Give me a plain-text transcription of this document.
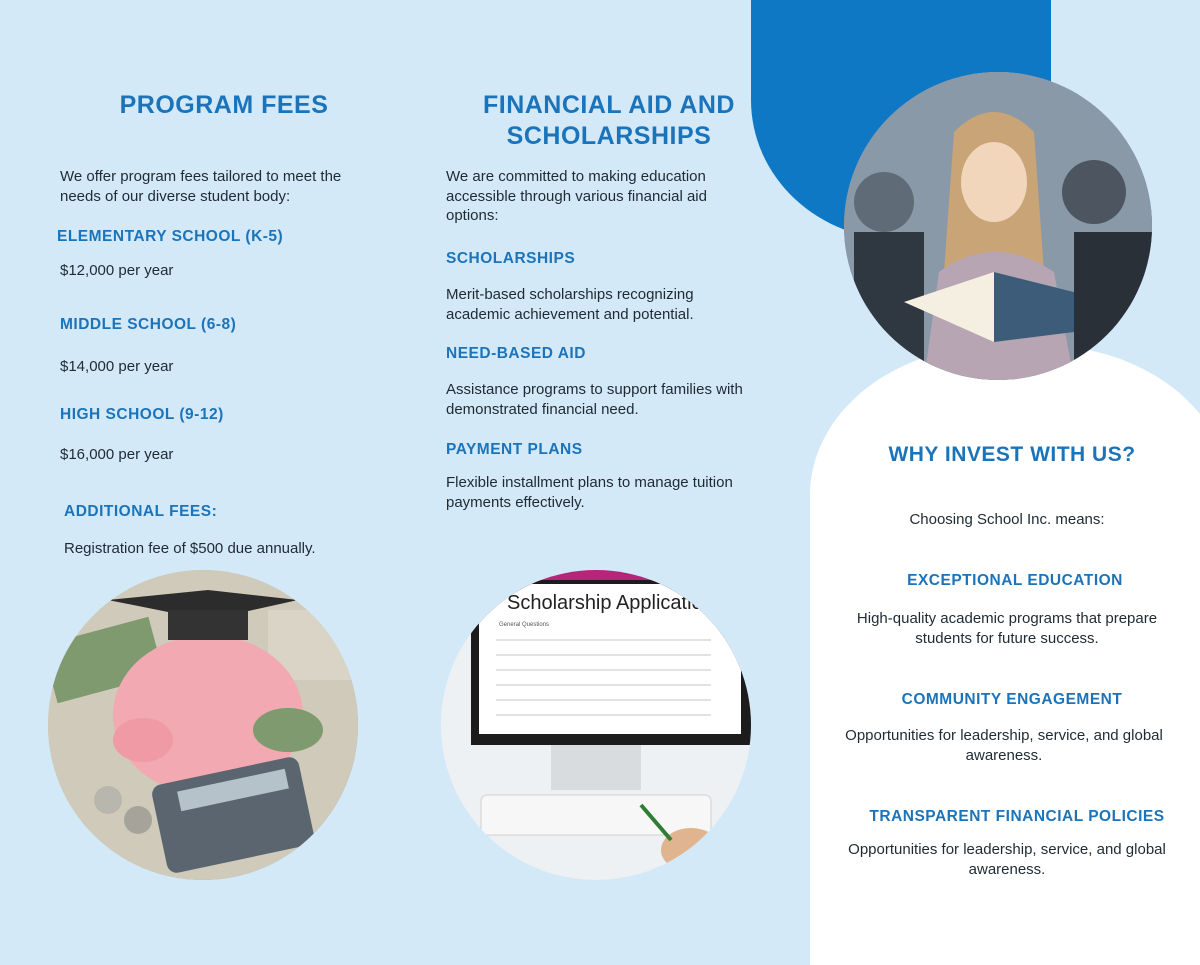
Scholarship Applicatio
General Questions
PROGRAM FEES
We offer program fees tailored to meet the needs of our diverse student body:
ELEMENTARY SCHOOL (K-5)
$12,000 per year
MIDDLE SCHOOL (6-8)
$14,000 per year
HIGH SCHOOL (9-12)
$16,000 per year
ADDITIONAL FEES:
Registration fee of $500 due annually.
FINANCIAL AID AND
SCHOLARSHIPS
We are committed to making education accessible through various financial aid options:
SCHOLARSHIPS
Merit-based scholarships recognizing academic achievement and potential.
NEED-BASED AID
Assistance programs to support families with demonstrated financial need.
PAYMENT PLANS
Flexible installment plans to manage tuition payments effectively.
WHY INVEST WITH US?
Choosing School Inc. means:
EXCEPTIONAL EDUCATION
High-quality academic programs that prepare students for future success.
COMMUNITY ENGAGEMENT
Opportunities for leadership, service, and global awareness.
TRANSPARENT FINANCIAL POLICIES
Opportunities for leadership, service, and global awareness.
